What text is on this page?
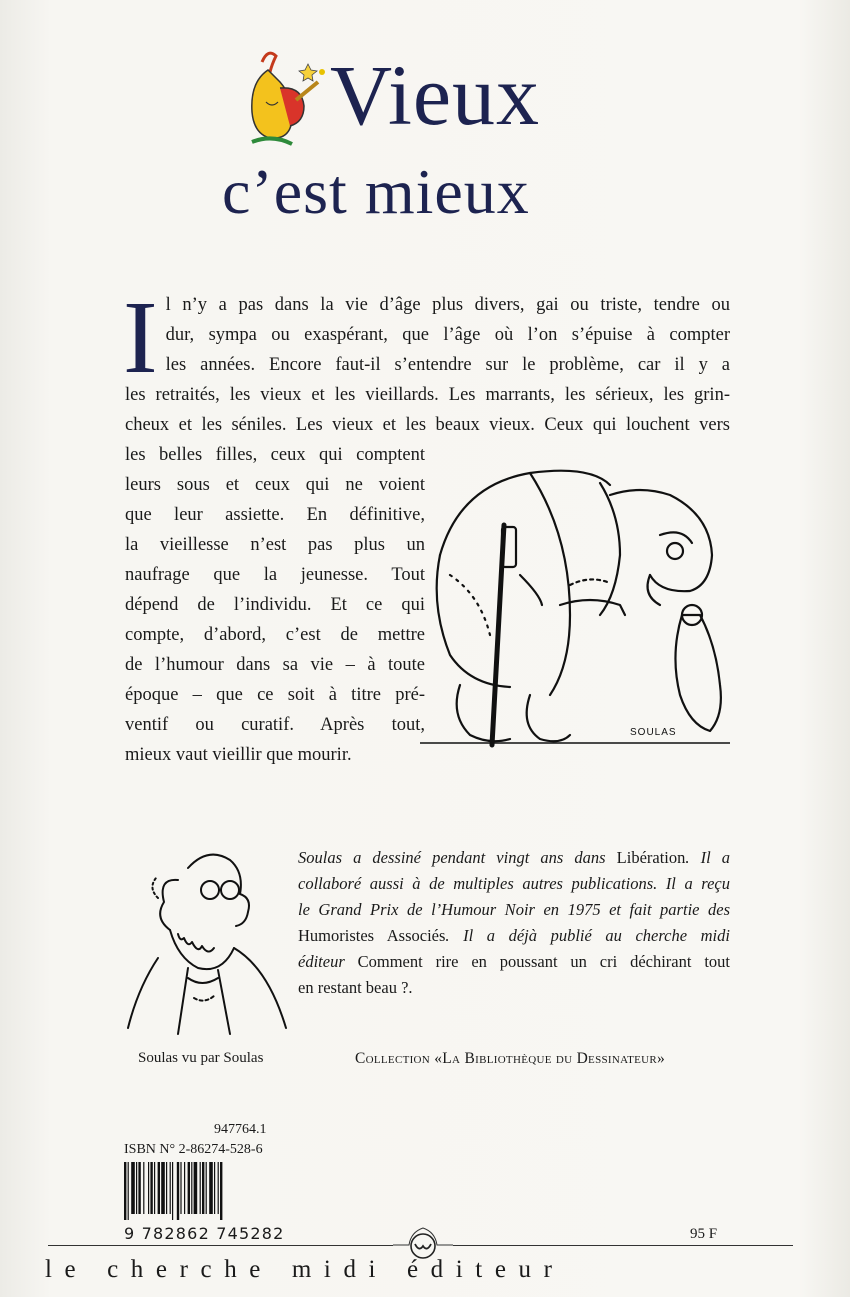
Vieux
c’est mieux
I l n’y a pas dans la vie d’âge plus divers, gai ou triste, tendre ou
dur, sympa ou exaspérant, que l’âge où l’on s’épuise à compter
les années. Encore faut-il s’entendre sur le problème, car il y a
les retraités, les vieux et les vieillards. Les marrants, les sérieux, les grin-
cheux et les séniles. Les vieux et les beaux vieux. Ceux qui louchent vers
les belles filles, ceux qui comptent
leurs sous et ceux qui ne voient
que leur assiette. En définitive,
la vieillesse n’est pas plus un
naufrage que la jeunesse. Tout
dépend de l’individu. Et ce qui
compte, d’abord, c’est de mettre
de l’humour dans sa vie – à toute
époque – que ce soit à titre pré-
ventif ou curatif. Après tout,
mieux vaut vieillir que mourir.
SOULAS
Soulas vu par Soulas
Soulas a dessiné pendant vingt ans dans Libération. Il a
collaboré aussi à de multiples autres publications. Il a reçu
le Grand Prix de l’Humour Noir en 1975 et fait partie des
Humoristes Associés. Il a déjà publié au cherche midi
éditeur Comment rire en poussant un cri déchirant tout
en restant beau ?.
Collection «La Bibliothèque du Dessinateur»
947764.1
ISBN N° 2-86274-528-6
9 782862 745282	95 F
le cherche midi éditeur
